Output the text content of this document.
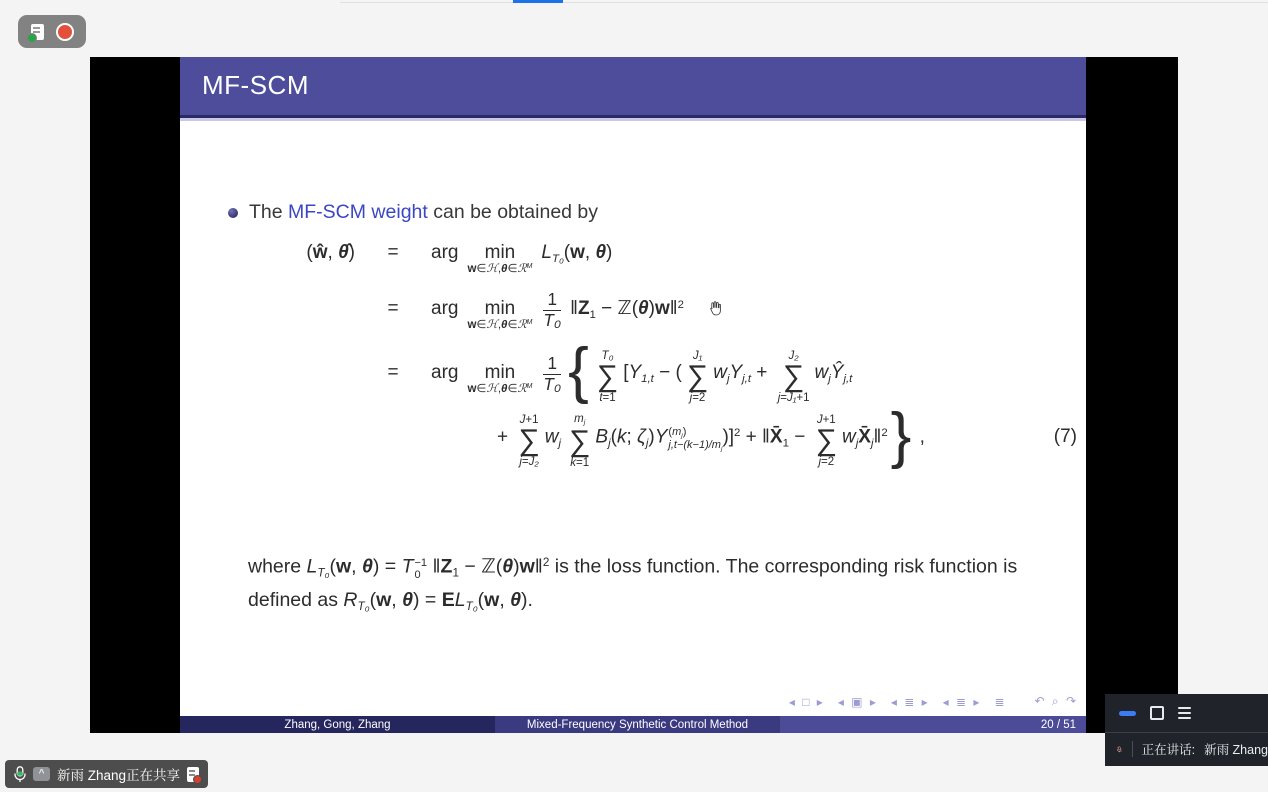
MF-SCM
The MF-SCM weight can be obtained by
(ŵ, θ̂) = arg min
w∈ℋ,θ∈ℛ$^M$
$L_{T_0}(w$, θ)
= arg min
w∈ℋ,θ∈ℛ$^M$ $\frac{1}{\text{T₀}}$ $‖Z_1$ − ℤ(θ)w‖$^2$
= arg min
w∈ℋ,θ∈ℛ$^M$ $\frac{1}{\text{T₀}}$ { T₀
∑
t=1
[$Y_{1,t}$ − (
J₁
∑
j=2
$w_jY_{j,t}$ +
J₂
∑
j=J₁+1
$w_jŶ_{j,t}$
+
J+1
∑
j=J₂
$w_j$
$m_j$
∑
k=1
$B_j(k$; $\zeta_j)Y$ $(m_j)$
$j,t-(k-1)/m_j$
)]$^2 + ‖X̄_1$ −
J+1
∑
j=2
$w_jX̄_j‖^2$} ,	(7)

where $L_{T_0}(w$, θ) = T −1
0 $‖Z_1$ − ℤ(θ)w‖$^2$ is the loss function. The corresponding risk function is defined as $R_{T_0}(w$, $\theta) = EL_{T_0}(w$, θ).

◂ □ ▸ ◂ ▣ ▸ ◂ ≣ ▸ ◂ ≣ ▸ ≣ ↶ ⌕ ↷
Zhang, Gong, Zhang	Mixed-Frequency Synthetic Control Method	20 / 51
^ 新雨 Zhang正在共享
正在讲话: 新雨 Zhang
